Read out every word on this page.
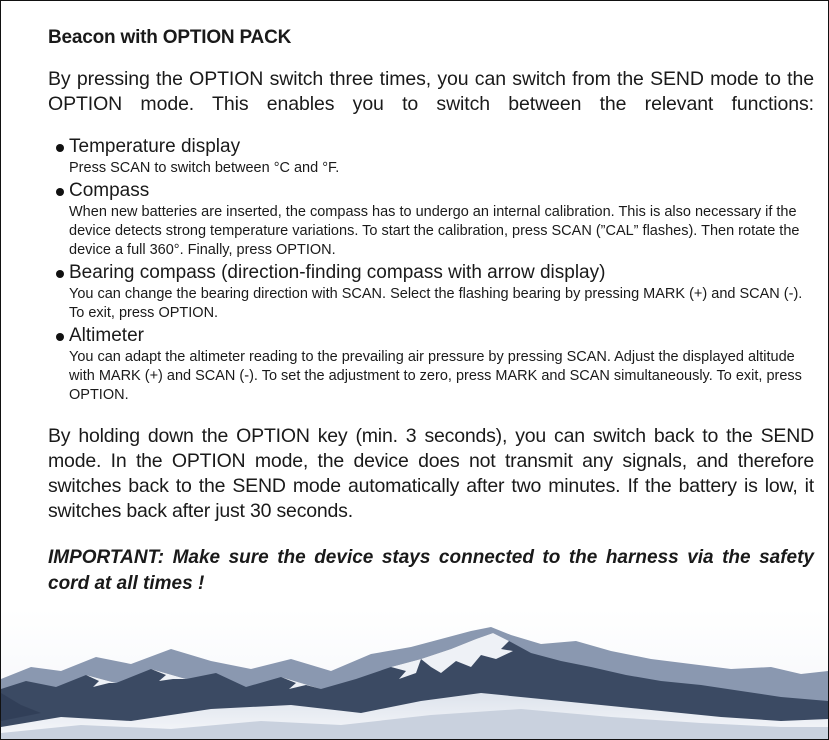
Beacon with OPTION PACK

By pressing the OPTION switch three times, you can switch from the SEND mode to the OPTION mode. This enables you to switch between the relevant functions:

Temperature display
Press SCAN to switch between °C and °F.
Compass
When new batteries are inserted, the compass has to undergo an internal calibration. This is also necessary if the device detects strong temperature variations. To start the calibration, press SCAN (”CAL” flashes). Then rotate the device a full 360°. Finally, press OPTION.
Bearing compass (direction-finding compass with arrow display)
You can change the bearing direction with SCAN. Select the flashing bearing by pressing MARK (+) and SCAN (-). To exit, press OPTION.
Altimeter
You can adapt the altimeter reading to the prevailing air pressure by pressing SCAN. Adjust the displayed altitude with MARK (+) and SCAN (-). To set the adjustment to zero, press MARK and SCAN simultaneously. To exit, press OPTION.

By holding down the OPTION key (min. 3 seconds), you can switch back to the SEND mode. In the OPTION mode, the device does not transmit any signals, and therefore switches back to the SEND mode automatically after two minutes. If the battery is low, it switches back after just 30 seconds.

IMPORTANT: Make sure the device stays connected to the harness via the safety cord at all times !
